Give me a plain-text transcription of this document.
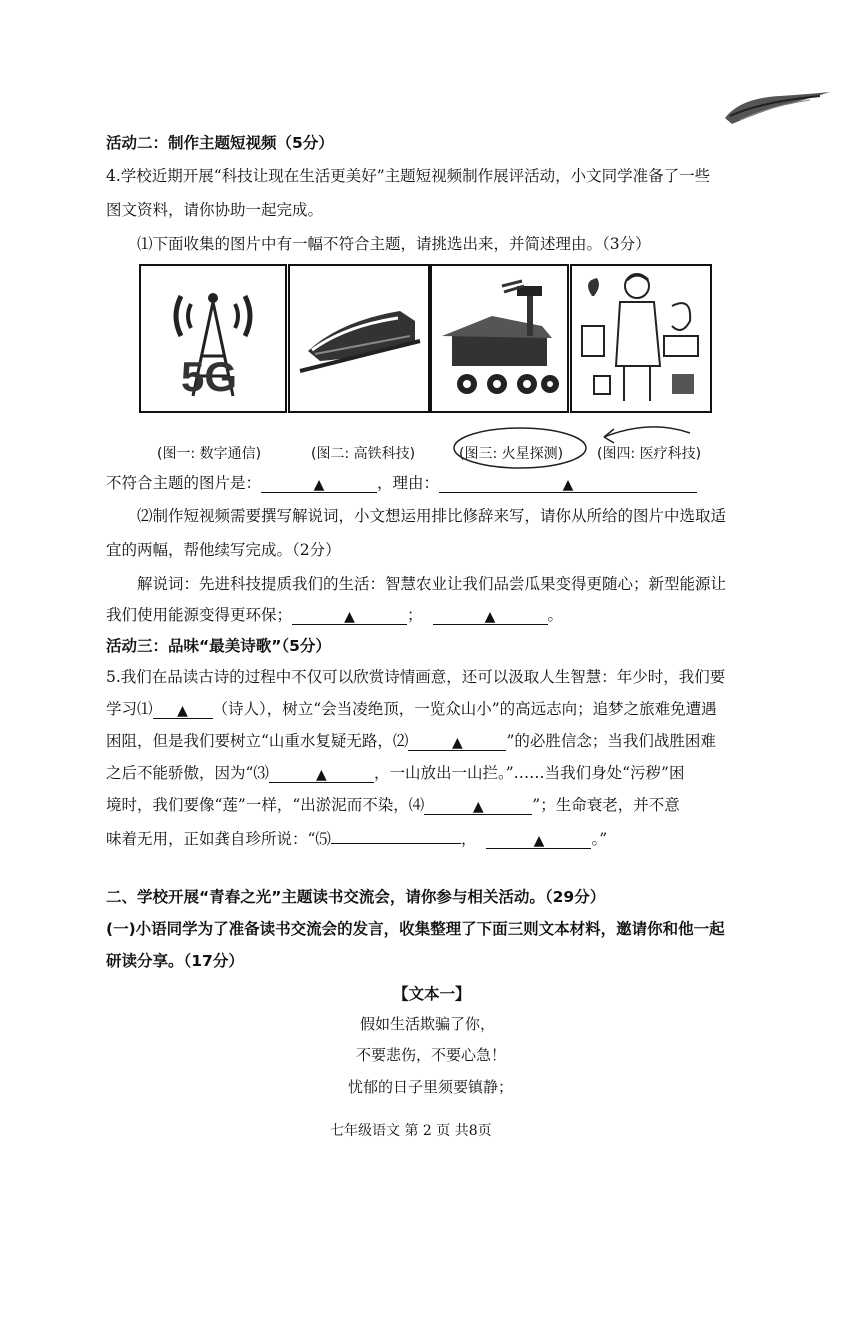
活动二：制作主题短视频（5分）
4.学校近期开展“科技让现在生活更美好”主题短视频制作展评活动，小文同学准备了一些
图文资料，请你协助一起完成。
⑴下面收集的图片中有一幅不符合主题，请挑选出来，并简述理由。（3分）
5G
(图一: 数字通信)	(图二: 高铁科技)	(图三: 火星探测) (图四: 医疗科技)
不符合主题的图片是：	▲	，理由：	▲
⑵制作短视频需要撰写解说词，小文想运用排比修辞来写，请你从所给的图片中选取适
宜的两幅，帮他续写完成。（2分）
解说词：先进科技提质我们的生活：智慧农业让我们品尝瓜果变得更随心；新型能源让
我们使用能源变得更环保；	▲	；	▲	。
活动三：品味“最美诗歌”（5分）
5.我们在品读古诗的过程中不仅可以欣赏诗情画意，还可以汲取人生智慧：年少时，我们要
学习⑴ ▲ （诗人），树立“会当凌绝顶，一览众山小”的高远志向；追梦之旅难免遭遇
困阻，但是我们要树立“山重水复疑无路，⑵	▲	”的必胜信念；当我们战胜困难
之后不能骄傲，因为“⑶	▲	，一山放出一山拦。”……当我们身处“污秽”困
境时，我们要像“莲”一样，“出淤泥而不染，⑷	▲	”；生命衰老，并不意
味着无用，正如龚自珍所说：“⑸	，	▲	。”
二、学校开展“青春之光”主题读书交流会，请你参与相关活动。（29分）
(一)小语同学为了准备读书交流会的发言，收集整理了下面三则文本材料，邀请你和他一起
研读分享。（17分）
【文本一】
假如生活欺骗了你，
不要悲伤，不要心急！
忧郁的日子里须要镇静；
七年级语文 第 2 页 共8页
